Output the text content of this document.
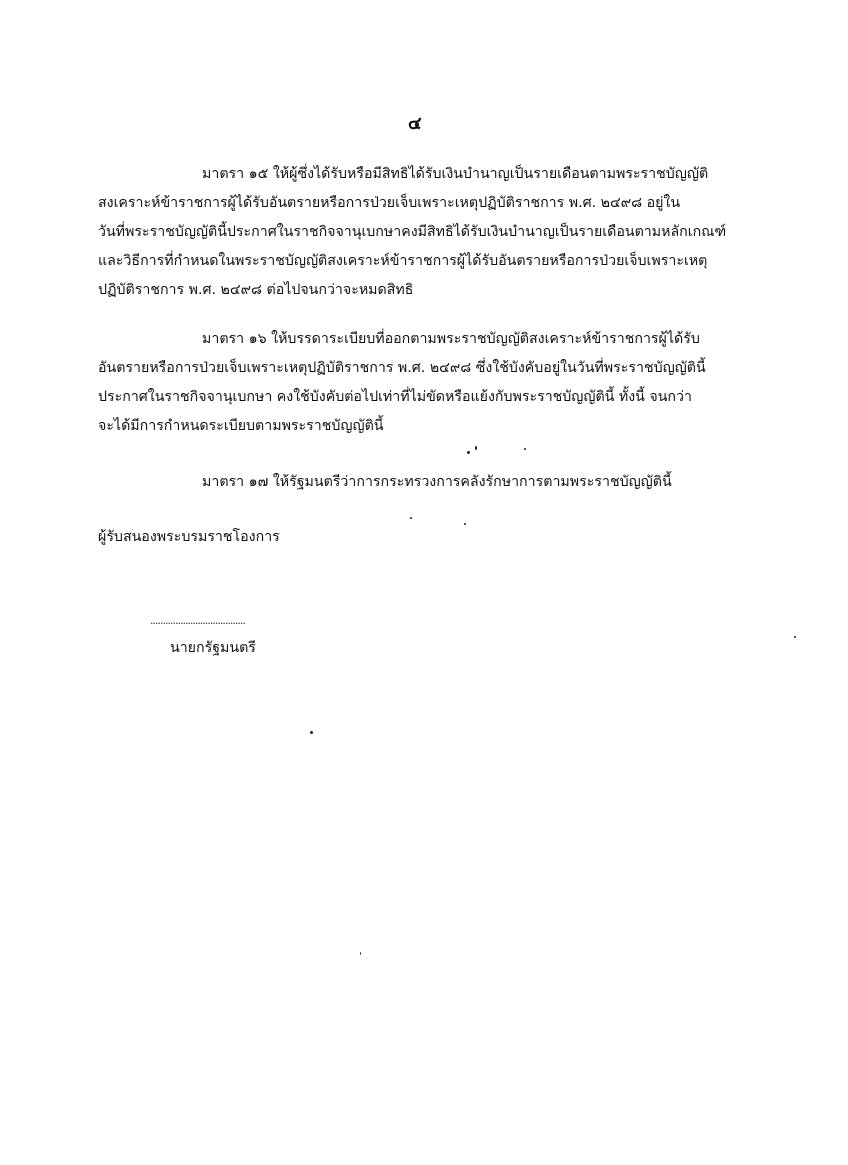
๔
มาตรา ๑๕ ให้ผู้ซึ่งได้รับหรือมีสิทธิได้รับเงินบำนาญเป็นรายเดือนตามพระราชบัญญัติ
สงเคราะห์ข้าราชการผู้ได้รับอันตรายหรือการป่วยเจ็บเพราะเหตุปฏิบัติราชการ พ.ศ. ๒๔๙๘ อยู่ใน
วันที่พระราชบัญญัตินี้ประกาศในราชกิจจานุเบกษาคงมีสิทธิได้รับเงินบำนาญเป็นรายเดือนตามหลักเกณฑ์
และวิธีการที่กำหนดในพระราชบัญญัติสงเคราะห์ข้าราชการผู้ได้รับอันตรายหรือการป่วยเจ็บเพราะเหตุ
ปฏิบัติราชการ พ.ศ. ๒๔๙๘ ต่อไปจนกว่าจะหมดสิทธิ
มาตรา ๑๖ ให้บรรดาระเบียบที่ออกตามพระราชบัญญัติสงเคราะห์ข้าราชการผู้ได้รับ
อันตรายหรือการป่วยเจ็บเพราะเหตุปฏิบัติราชการ พ.ศ. ๒๔๙๘ ซึ่งใช้บังคับอยู่ในวันที่พระราชบัญญัตินี้
ประกาศในราชกิจจานุเบกษา คงใช้บังคับต่อไปเท่าที่ไม่ขัดหรือแย้งกับพระราชบัญญัตินี้ ทั้งนี้ จนกว่า
จะได้มีการกำหนดระเบียบตามพระราชบัญญัตินี้
มาตรา ๑๗ ให้รัฐมนตรีว่าการกระทรวงการคลังรักษาการตามพระราชบัญญัตินี้
ผู้รับสนองพระบรมราชโองการ
......................................
นายกรัฐมนตรี
